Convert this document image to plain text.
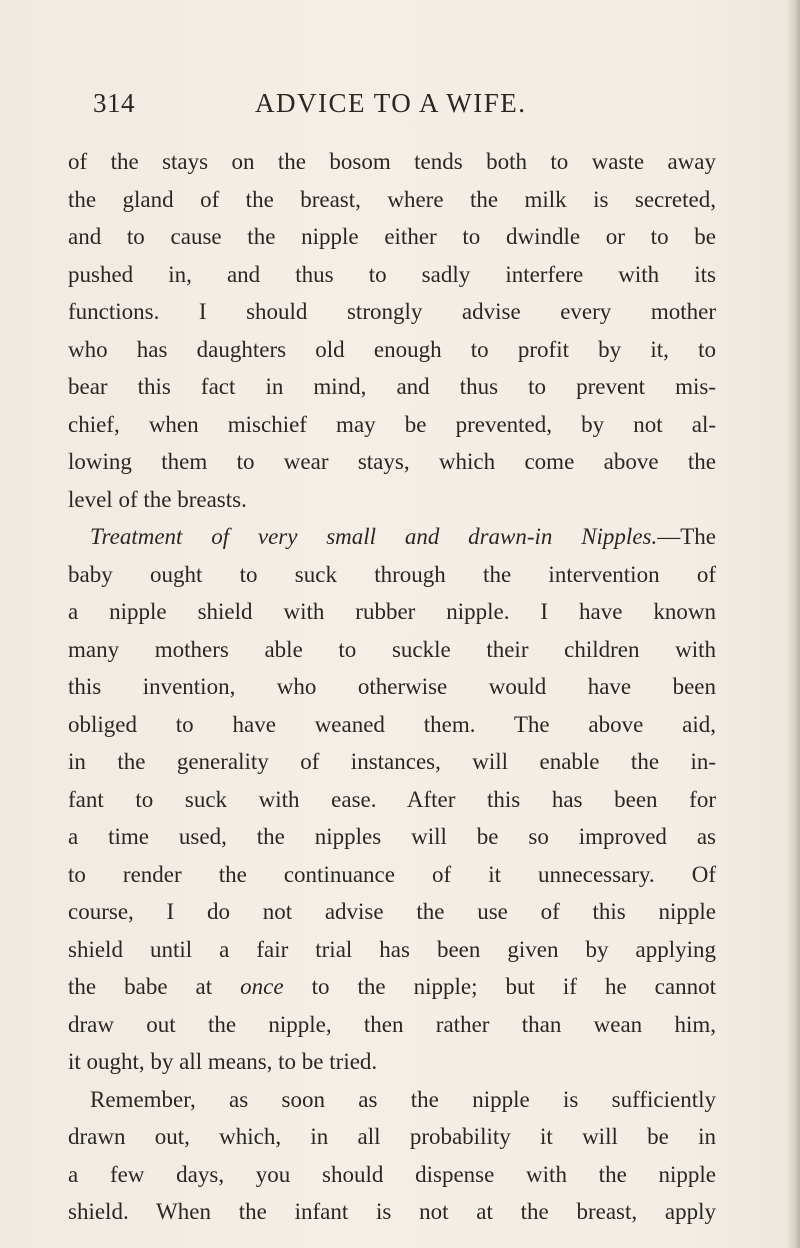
314	ADVICE TO A WIFE.
of the stays on the bosom tends both to waste away
the gland of the breast, where the milk is secreted,
and to cause the nipple either to dwindle or to be
pushed in, and thus to sadly interfere with its
functions. I should strongly advise every mother
who has daughters old enough to profit by it, to
bear this fact in mind, and thus to prevent mis-
chief, when mischief may be prevented, by not al-
lowing them to wear stays, which come above the
level of the breasts.
Treatment of very small and drawn-in Nipples.—The
baby ought to suck through the intervention of
a nipple shield with rubber nipple. I have known
many mothers able to suckle their children with
this invention, who otherwise would have been
obliged to have weaned them. The above aid,
in the generality of instances, will enable the in-
fant to suck with ease. After this has been for
a time used, the nipples will be so improved as
to render the continuance of it unnecessary. Of
course, I do not advise the use of this nipple
shield until a fair trial has been given by applying
the babe at once to the nipple; but if he cannot
draw out the nipple, then rather than wean him,
it ought, by all means, to be tried.
Remember, as soon as the nipple is sufficiently
drawn out, which, in all probability it will be in
a few days, you should dispense with the nipple
shield. When the infant is not at the breast, apply
